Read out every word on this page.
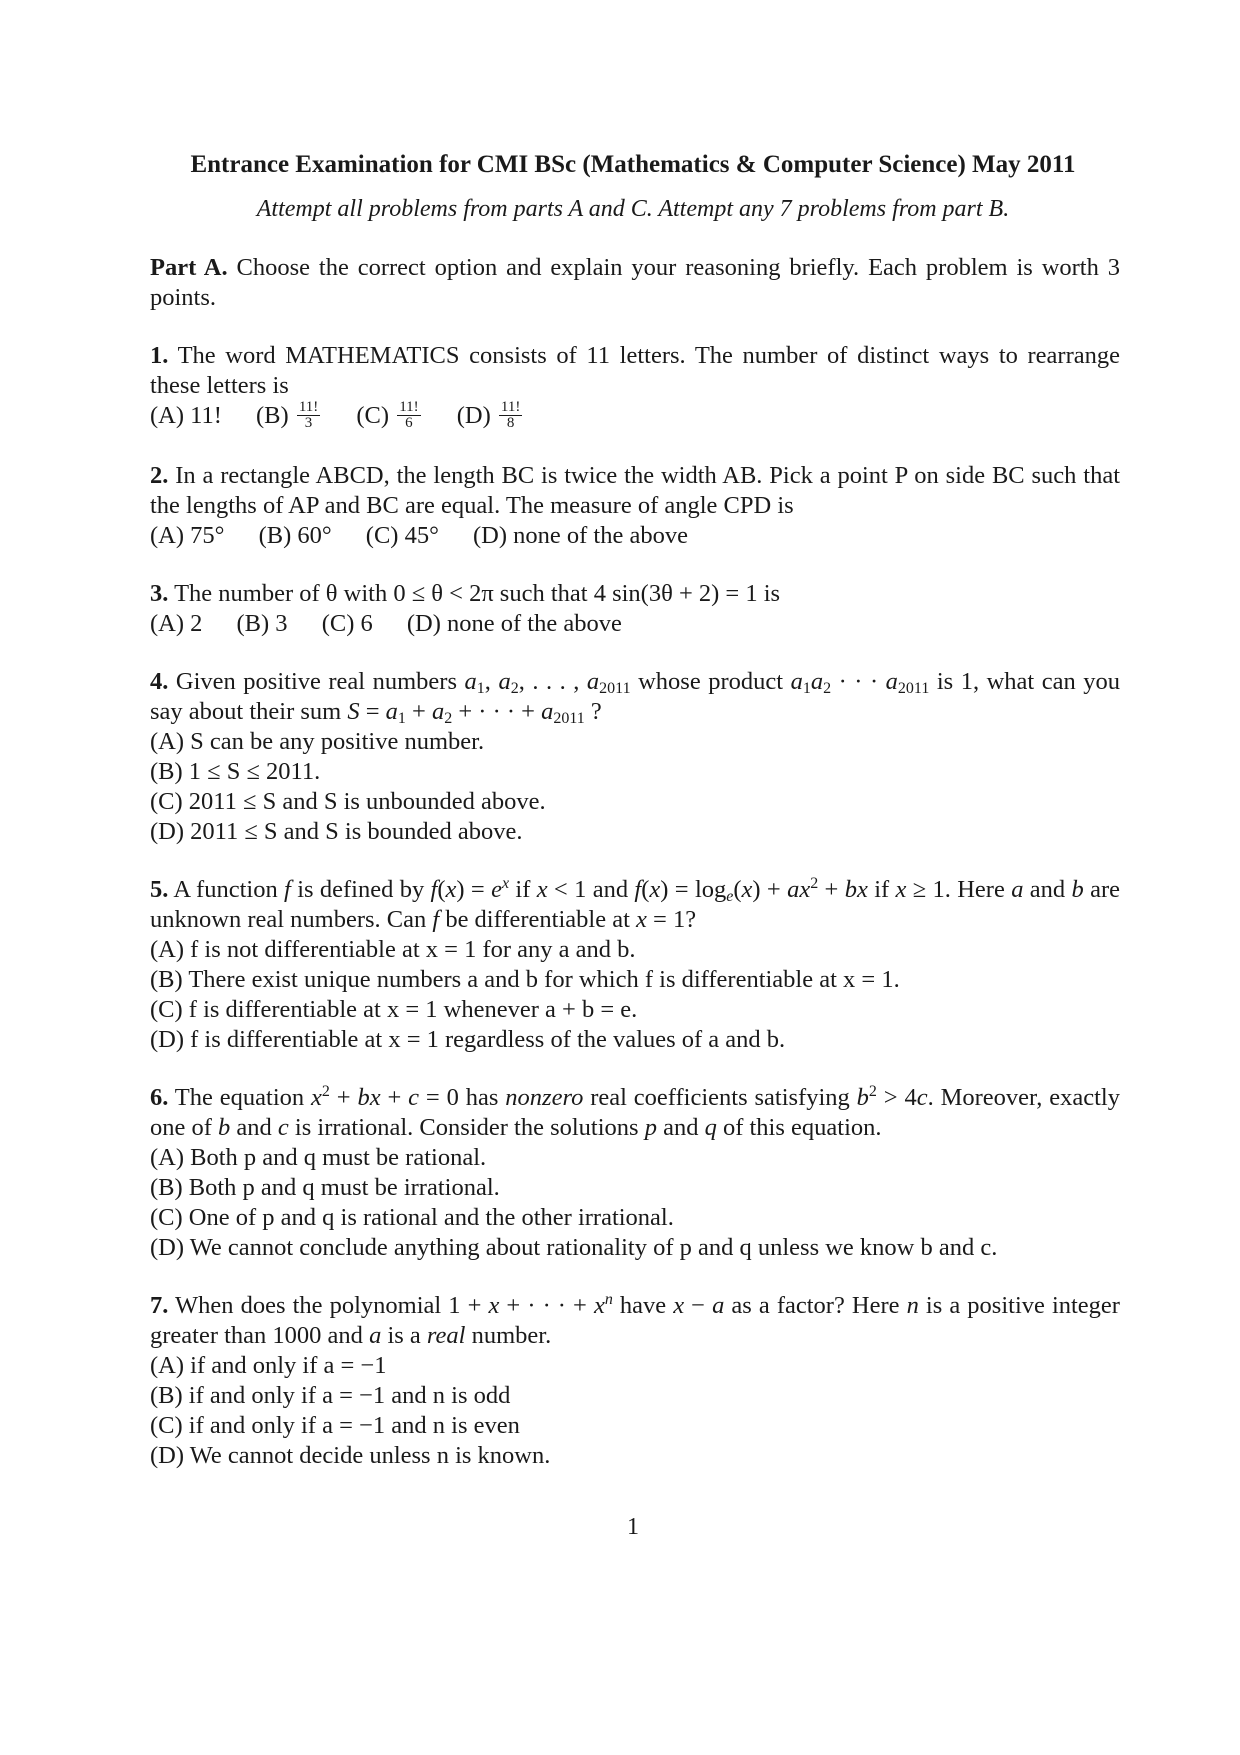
Entrance Examination for CMI BSc (Mathematics & Computer Science) May 2011
Attempt all problems from parts A and C. Attempt any 7 problems from part B.

Part A. Choose the correct option and explain your reasoning briefly. Each problem is worth 3 points.

1. The word MATHEMATICS consists of 11 letters. The number of distinct ways to rearrange these letters is

(A) 11! $(B) \frac{11!}{3} (C) \frac{11!}{6} (D) \frac{11!}{8}$

2. In a rectangle ABCD, the length BC is twice the width AB. Pick a point P on side BC such that the lengths of AP and BC are equal. The measure of angle CPD is

(A) 75° (B) 60° (C) 45° (D) none of the above

3. The number of θ with 0 ≤ θ < 2π such that 4 sin(3θ + 2) = 1 is

(A) 2 (B) 3 (C) 6 (D) none of the above

4. Given positive real numbers $a_1$, $a_2$, . . . , $a_{2011}$ whose product $a_1a_2$ · · · $a_{2011}$ is 1, what can you say about their sum $S = a_1 + a_2$ + · · · + $a_{2011}$ ?

(A) S can be any positive number.
(B) 1 ≤ S ≤ 2011.
(C) 2011 ≤ S and S is unbounded above.
(D) 2011 ≤ S and S is bounded above.

5. A function f is defined by $f(x) = e^x$ if x < 1 and $f(x) = \log_e(x) + ax^2$ + bx if x ≥ 1. Here a and b are unknown real numbers. Can f be differentiable at x = 1?

(A) f is not differentiable at x = 1 for any a and b.
(B) There exist unique numbers a and b for which f is differentiable at x = 1.
(C) f is differentiable at x = 1 whenever a + b = e.
(D) f is differentiable at x = 1 regardless of the values of a and b.

6. The equation $x^2$ + bx + c = 0 has nonzero real coefficients satisfying $b^2 > 4c$. Moreover, exactly one of b and c is irrational. Consider the solutions p and q of this equation.

(A) Both p and q must be rational.
(B) Both p and q must be irrational.
(C) One of p and q is rational and the other irrational.
(D) We cannot conclude anything about rationality of p and q unless we know b and c.

7. When does the polynomial 1 + x + · · · + $x^n$ have x − a as a factor? Here n is a positive integer greater than 1000 and a is a real number.

(A) if and only if a = −1
(B) if and only if a = −1 and n is odd
(C) if and only if a = −1 and n is even
(D) We cannot decide unless n is known.
1
